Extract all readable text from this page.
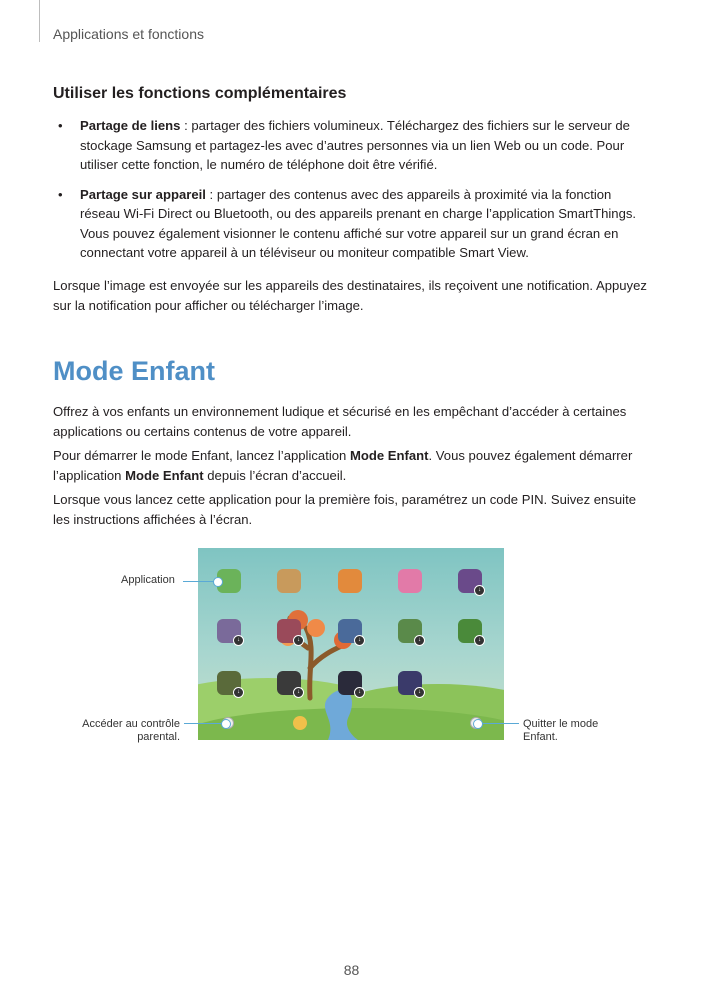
Applications et fonctions
Utiliser les fonctions complémentaires
• Partage de liens : partager des fichiers volumineux. Téléchargez des fichiers sur le serveur de stockage Samsung et partagez-les avec d’autres personnes via un lien Web ou un code. Pour utiliser cette fonction, le numéro de téléphone doit être vérifié.
• Partage sur appareil : partager des contenus avec des appareils à proximité via la fonction réseau Wi-Fi Direct ou Bluetooth, ou des appareils prenant en charge l’application SmartThings. Vous pouvez également visionner le contenu affiché sur votre appareil sur un grand écran en connectant votre appareil à un téléviseur ou moniteur compatible Smart View.

Lorsque l’image est envoyée sur les appareils des destinataires, ils reçoivent une notification. Appuyez sur la notification pour afficher ou télécharger l’image.

Mode Enfant

Offrez à vos enfants un environnement ludique et sécurisé en les empêchant d’accéder à certaines applications ou certains contenus de votre appareil.

Pour démarrer le mode Enfant, lancez l’application Mode Enfant. Vous pouvez également démarrer l’application Mode Enfant depuis l’écran d’accueil.

Lorsque vous lancez cette application pour la première fois, paramétrez un code PIN. Suivez ensuite les instructions affichées à l’écran.

↓
↓	↓	↓	↓	↓
↓	↓	↓	↓
Application
Accéder au contrôle parental.
Quitter le mode Enfant.
88
